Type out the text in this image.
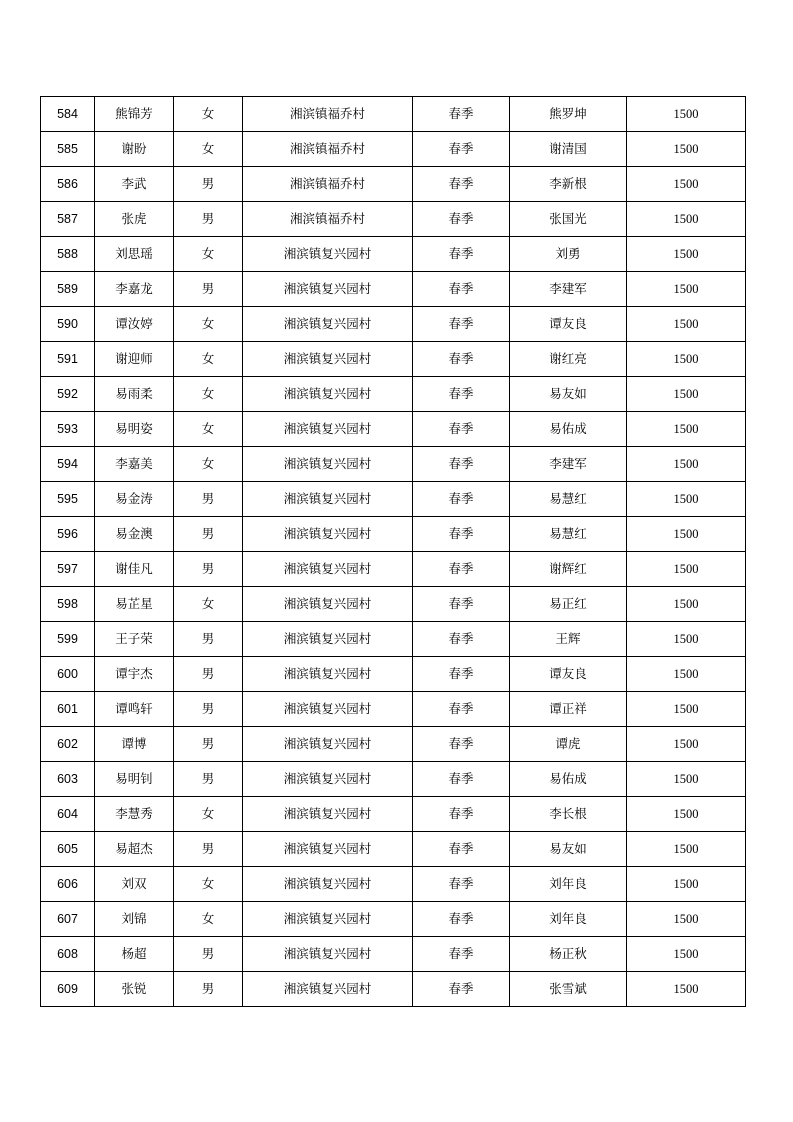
584	熊锦芳	女	湘滨镇福乔村	春季	熊罗坤	1500
585	谢盼	女	湘滨镇福乔村	春季	谢清国	1500
586	李武	男	湘滨镇福乔村	春季	李新根	1500
587	张虎	男	湘滨镇福乔村	春季	张国光	1500
588	刘思瑶	女	湘滨镇复兴园村	春季	刘勇	1500
589	李嘉龙	男	湘滨镇复兴园村	春季	李建军	1500
590	谭汝婷	女	湘滨镇复兴园村	春季	谭友良	1500
591	谢迎师	女	湘滨镇复兴园村	春季	谢红亮	1500
592	易雨柔	女	湘滨镇复兴园村	春季	易友如	1500
593	易明姿	女	湘滨镇复兴园村	春季	易佑成	1500
594	李嘉美	女	湘滨镇复兴园村	春季	李建军	1500
595	易金涛	男	湘滨镇复兴园村	春季	易慧红	1500
596	易金澳	男	湘滨镇复兴园村	春季	易慧红	1500
597	谢佳凡	男	湘滨镇复兴园村	春季	谢辉红	1500
598	易芷星	女	湘滨镇复兴园村	春季	易正红	1500
599	王子荣	男	湘滨镇复兴园村	春季	王辉	1500
600	谭宇杰	男	湘滨镇复兴园村	春季	谭友良	1500
601	谭鸣轩	男	湘滨镇复兴园村	春季	谭正祥	1500
602	谭博	男	湘滨镇复兴园村	春季	谭虎	1500
603	易明钊	男	湘滨镇复兴园村	春季	易佑成	1500
604	李慧秀	女	湘滨镇复兴园村	春季	李长根	1500
605	易超杰	男	湘滨镇复兴园村	春季	易友如	1500
606	刘双	女	湘滨镇复兴园村	春季	刘年良	1500
607	刘锦	女	湘滨镇复兴园村	春季	刘年良	1500
608	杨超	男	湘滨镇复兴园村	春季	杨正秋	1500
609	张锐	男	湘滨镇复兴园村	春季	张雪斌	1500
